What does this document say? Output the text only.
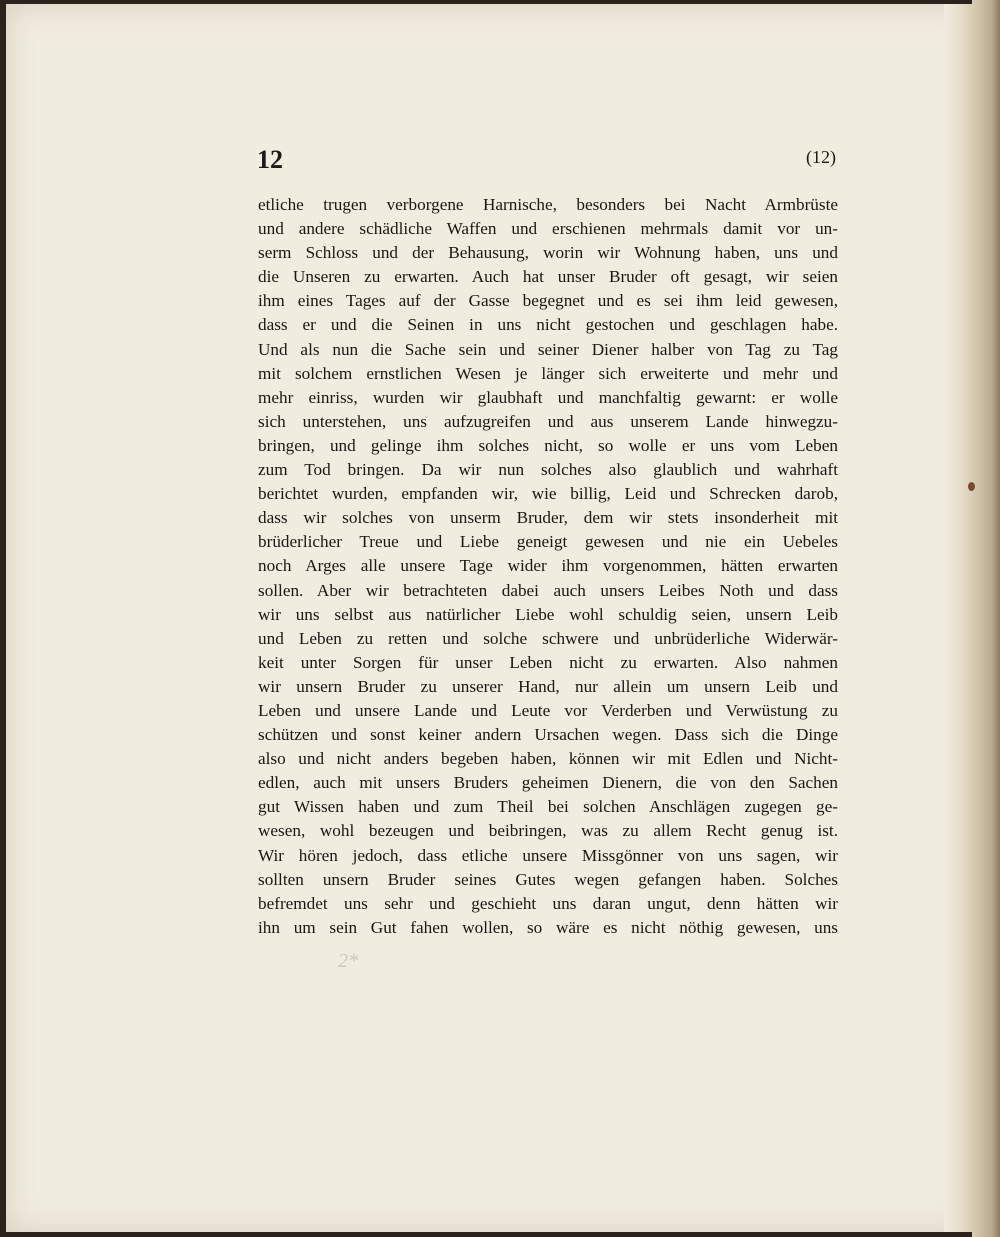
12	(12)
etliche trugen verborgene Harnische, besonders bei Nacht Armbrüste
und andere schädliche Waffen und erschienen mehrmals damit vor un-
serm Schloss und der Behausung, worin wir Wohnung haben, uns und
die Unseren zu erwarten. Auch hat unser Bruder oft gesagt, wir seien
ihm eines Tages auf der Gasse begegnet und es sei ihm leid gewesen,
dass er und die Seinen in uns nicht gestochen und geschlagen habe.
Und als nun die Sache sein und seiner Diener halber von Tag zu Tag
mit solchem ernstlichen Wesen je länger sich erweiterte und mehr und
mehr einriss, wurden wir glaubhaft und manchfaltig gewarnt: er wolle
sich unterstehen, uns aufzugreifen und aus unserem Lande hinwegzu-
bringen, und gelinge ihm solches nicht, so wolle er uns vom Leben
zum Tod bringen. Da wir nun solches also glaublich und wahrhaft
berichtet wurden, empfanden wir, wie billig, Leid und Schrecken darob,
dass wir solches von unserm Bruder, dem wir stets insonderheit mit
brüderlicher Treue und Liebe geneigt gewesen und nie ein Uebeles
noch Arges alle unsere Tage wider ihm vorgenommen, hätten erwarten
sollen. Aber wir betrachteten dabei auch unsers Leibes Noth und dass
wir uns selbst aus natürlicher Liebe wohl schuldig seien, unsern Leib
und Leben zu retten und solche schwere und unbrüderliche Widerwär-
keit unter Sorgen für unser Leben nicht zu erwarten. Also nahmen
wir unsern Bruder zu unserer Hand, nur allein um unsern Leib und
Leben und unsere Lande und Leute vor Verderben und Verwüstung zu
schützen und sonst keiner andern Ursachen wegen. Dass sich die Dinge
also und nicht anders begeben haben, können wir mit Edlen und Nicht-
edlen, auch mit unsers Bruders geheimen Dienern, die von den Sachen
gut Wissen haben und zum Theil bei solchen Anschlägen zugegen ge-
wesen, wohl bezeugen und beibringen, was zu allem Recht genug ist.
Wir hören jedoch, dass etliche unsere Missgönner von uns sagen, wir
sollten unsern Bruder seines Gutes wegen gefangen haben. Solches
befremdet uns sehr und geschieht uns daran ungut, denn hätten wir
ihn um sein Gut fahen wollen, so wäre es nicht nöthig gewesen, uns
2*
